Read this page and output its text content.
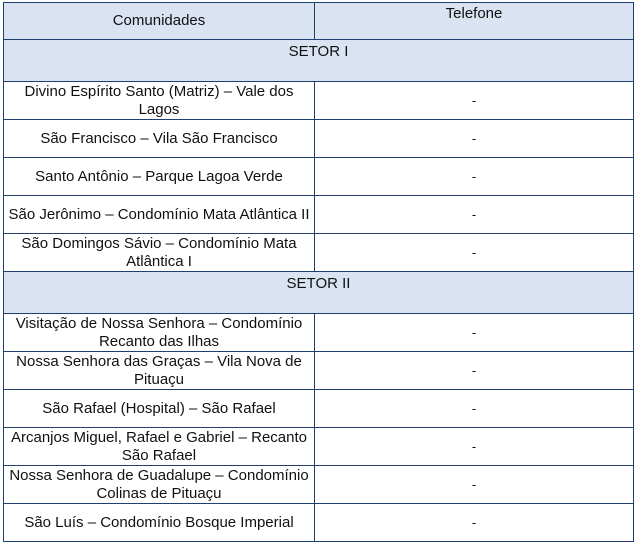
Comunidades	Telefone
SETOR I	
Divino Espírito Santo (Matriz) – Vale dos Lagos	-
São Francisco – Vila São Francisco	-
Santo Antônio – Parque Lagoa Verde	-
São Jerônimo – Condomínio Mata Atlântica II	-
São Domingos Sávio – Condomínio Mata Atlântica I	-
SETOR II	
Visitação de Nossa Senhora – Condomínio Recanto das Ilhas	-
Nossa Senhora das Graças – Vila Nova de Pituaçu	-
São Rafael (Hospital) – São Rafael	-
Arcanjos Miguel, Rafael e Gabriel – Recanto São Rafael	-
Nossa Senhora de Guadalupe – Condomínio Colinas de Pituaçu	-
São Luís – Condomínio Bosque Imperial	-
